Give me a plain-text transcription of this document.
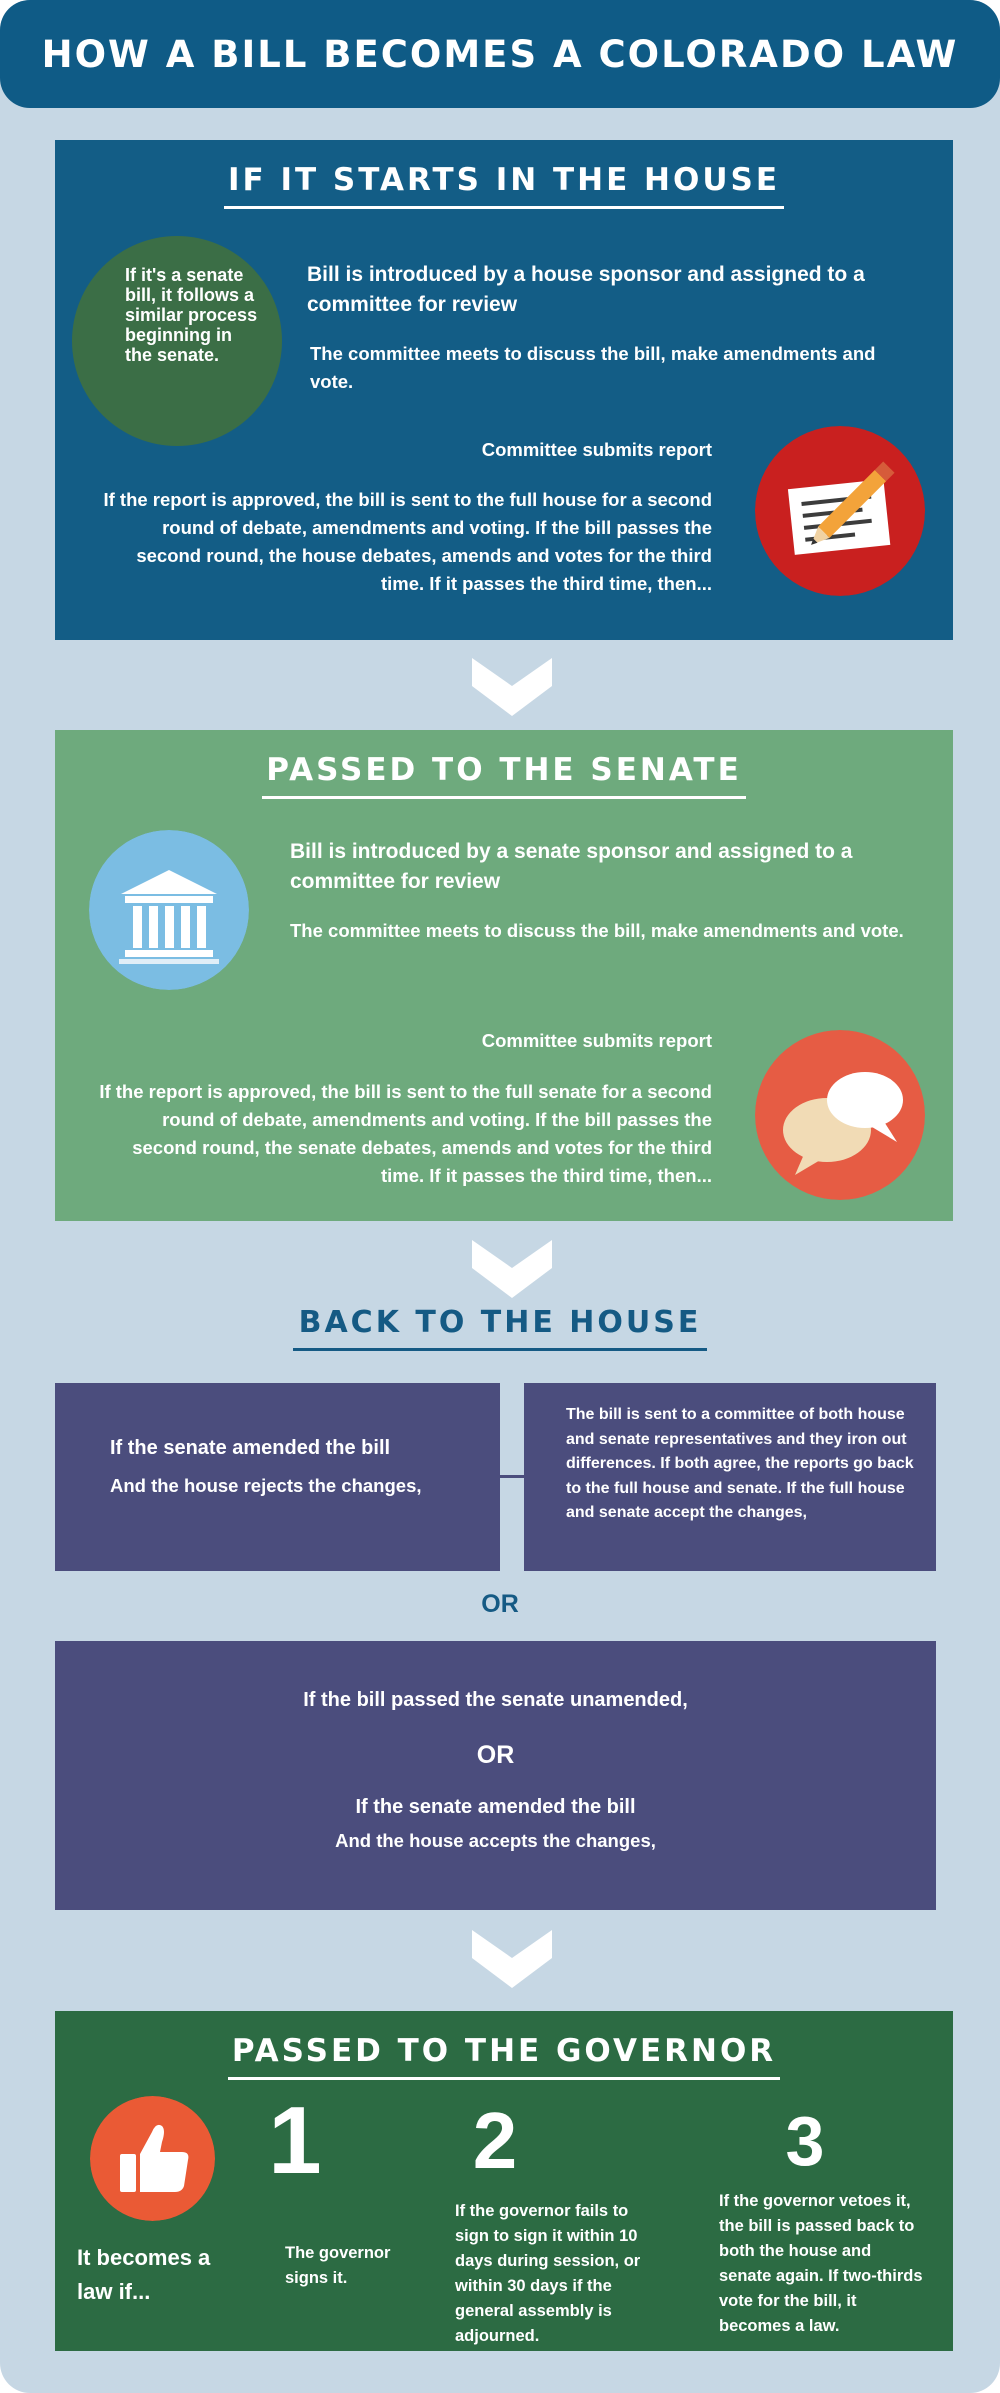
HOW A BILL BECOMES A COLORADO LAW
IF IT STARTS IN THE HOUSE
If it's a senate bill, it follows a similar process beginning in the senate.
Bill is introduced by a house sponsor and assigned to a committee for review
The committee meets to discuss the bill, make amendments and vote.
Committee submits report
If the report is approved, the bill is sent to the full house for a second round of debate, amendments and voting. If the bill passes the second round, the house debates, amends and votes for the third time. If it passes the third time, then...
PASSED TO THE SENATE
Bill is introduced by a senate sponsor and assigned to a committee for review
The committee meets to discuss the bill, make amendments and vote.
Committee submits report
If the report is approved, the bill is sent to the full senate for a second round of debate, amendments and voting. If the bill passes the second round, the senate debates, amends and votes for the third time. If it passes the third time, then...
BACK TO THE HOUSE
If the senate amended the bill
And the house rejects the changes,
The bill is sent to a committee of both house and senate representatives and they iron out differences. If both agree, the reports go back to the full house and senate. If the full house and senate accept the changes,
OR
If the bill passed the senate unamended,
OR
If the senate amended the bill
And the house accepts the changes,
PASSED TO THE GOVERNOR
It becomes a law if...
1
The governor signs it.
2
If the governor fails to sign to sign it within 10 days during session, or within 30 days if the general assembly is adjourned.
3
If the governor vetoes it, the bill is passed back to both the house and senate again. If two-thirds vote for the bill, it becomes a law.
